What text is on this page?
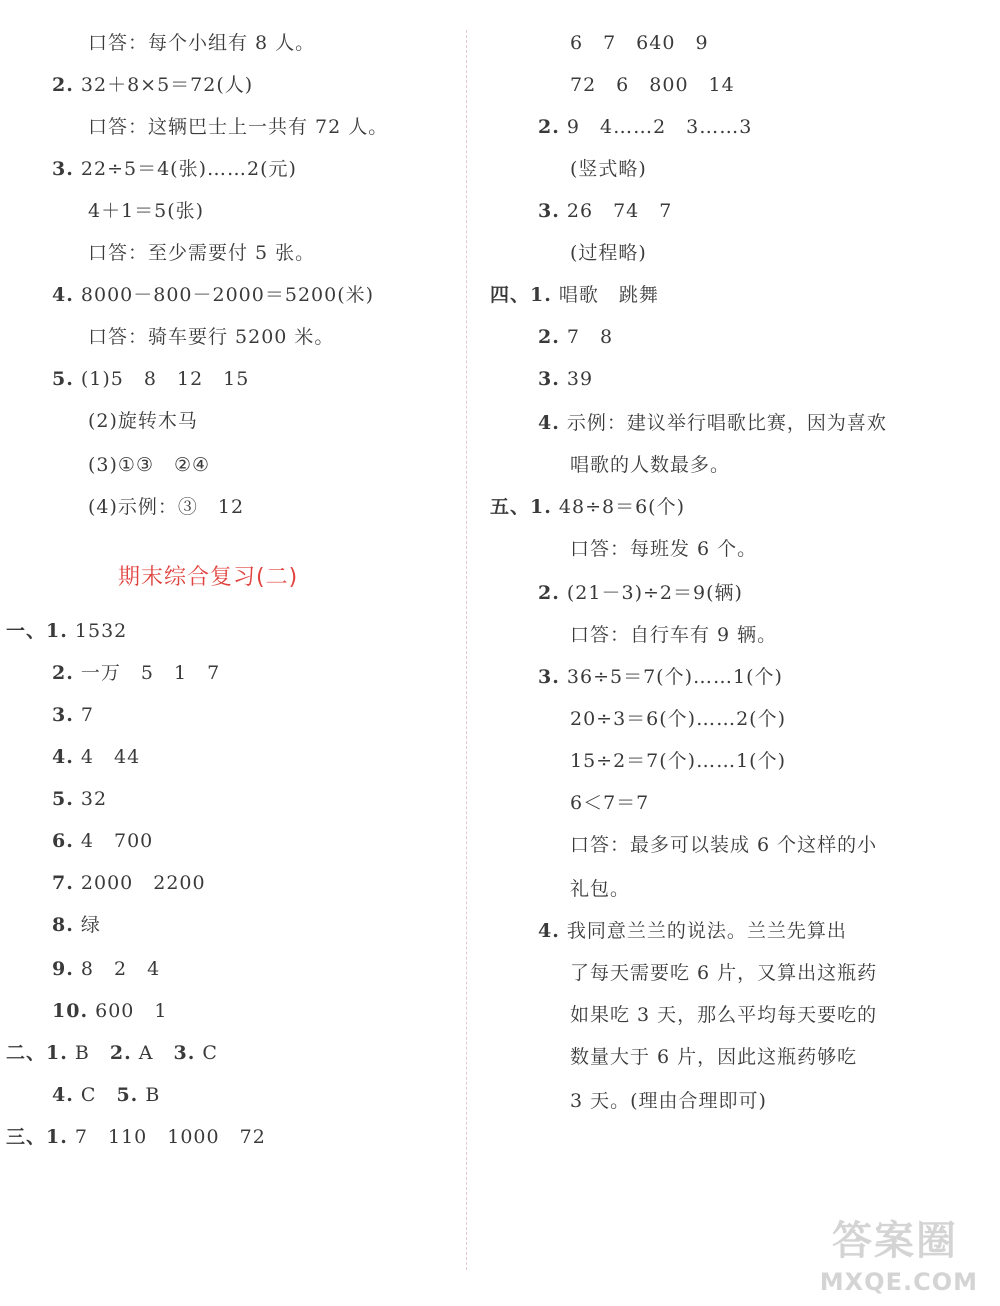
口答：每个小组有 8 人。
2. 32＋8×5＝72(人)
口答：这辆巴士上一共有 72 人。
3. 22÷5＝4(张)……2(元)
4＋1＝5(张)
口答：至少需要付 5 张。
4. 8000－800－2000＝5200(米)
口答：骑车要行 5200 米。
5. (1)5　8　12　15
(2)旋转木马
(3)①③　②④
(4)示例：③　12
期末综合复习(二)
一、1. 1532
2. 一万　5　1　7
3. 7
4. 4　44
5. 32
6. 4　700
7. 2000　2200
8. 绿
9. 8　2　4
10. 600　1
二、1. B　 2. A　 3. C
4. C　 5. B
三、1. 7　110　1000　72
6　7　640　9
72　6　800　14
2. 9　4……2　3……3
(竖式略)
3. 26　74　7
(过程略)
四、1. 唱歌　跳舞
2. 7　8
3. 39
4. 示例：建议举行唱歌比赛，因为喜欢
唱歌的人数最多。
五、1. 48÷8＝6(个)
口答：每班发 6 个。
2. (21－3)÷2＝9(辆)
口答：自行车有 9 辆。
3. 36÷5＝7(个)……1(个)
20÷3＝6(个)……2(个)
15÷2＝7(个)……1(个)
6＜7＝7
口答：最多可以装成 6 个这样的小
礼包。
4. 我同意兰兰的说法。兰兰先算出
了每天需要吃 6 片，又算出这瓶药
如果吃 3 天，那么平均每天要吃的
数量大于 6 片，因此这瓶药够吃
3 天。(理由合理即可)
答案圈
MXQE.COM
